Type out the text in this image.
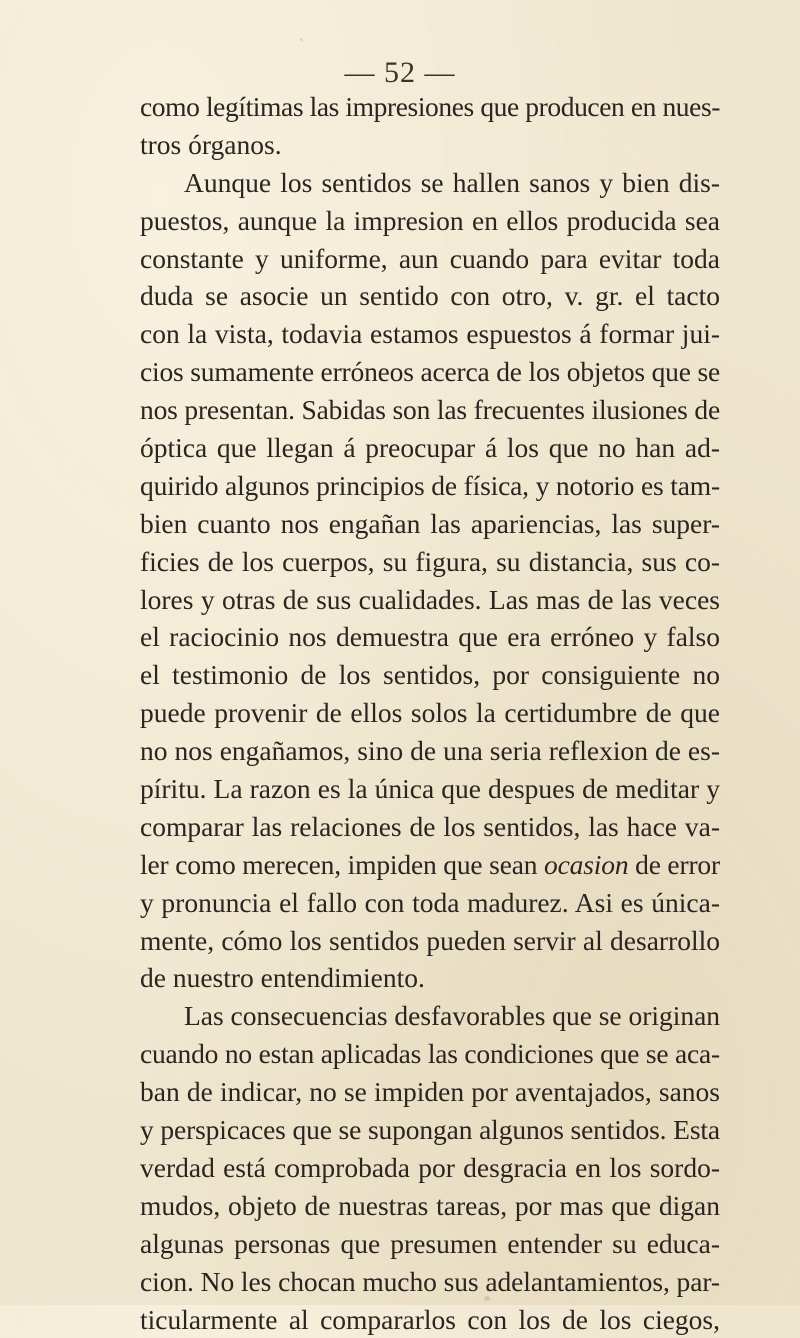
— 52 —
como legítimas las impresiones que producen en nues-
tros órganos.
Aunque los sentidos se hallen sanos y bien dis-
puestos, aunque la impresion en ellos producida sea
constante y uniforme, aun cuando para evitar toda
duda se asocie un sentido con otro, v. gr. el tacto
con la vista, todavia estamos espuestos á formar jui-
cios sumamente erróneos acerca de los objetos que se
nos presentan. Sabidas son las frecuentes ilusiones de
óptica que llegan á preocupar á los que no han ad-
quirido algunos principios de física, y notorio es tam-
bien cuanto nos engañan las apariencias, las super-
ficies de los cuerpos, su figura, su distancia, sus co-
lores y otras de sus cualidades. Las mas de las veces
el raciocinio nos demuestra que era erróneo y falso
el testimonio de los sentidos, por consiguiente no
puede provenir de ellos solos la certidumbre de que
no nos engañamos, sino de una seria reflexion de es-
píritu. La razon es la única que despues de meditar y
comparar las relaciones de los sentidos, las hace va-
ler como merecen, impiden que sean ocasion de error
y pronuncia el fallo con toda madurez. Asi es única-
mente, cómo los sentidos pueden servir al desarrollo
de nuestro entendimiento.
Las consecuencias desfavorables que se originan
cuando no estan aplicadas las condiciones que se aca-
ban de indicar, no se impiden por aventajados, sanos
y perspicaces que se supongan algunos sentidos. Esta
verdad está comprobada por desgracia en los sordo-
mudos, objeto de nuestras tareas, por mas que digan
algunas personas que presumen entender su educa-
cion. No les chocan mucho sus adelantamientos, par-
ticularmente al compararlos con los de los ciegos,
